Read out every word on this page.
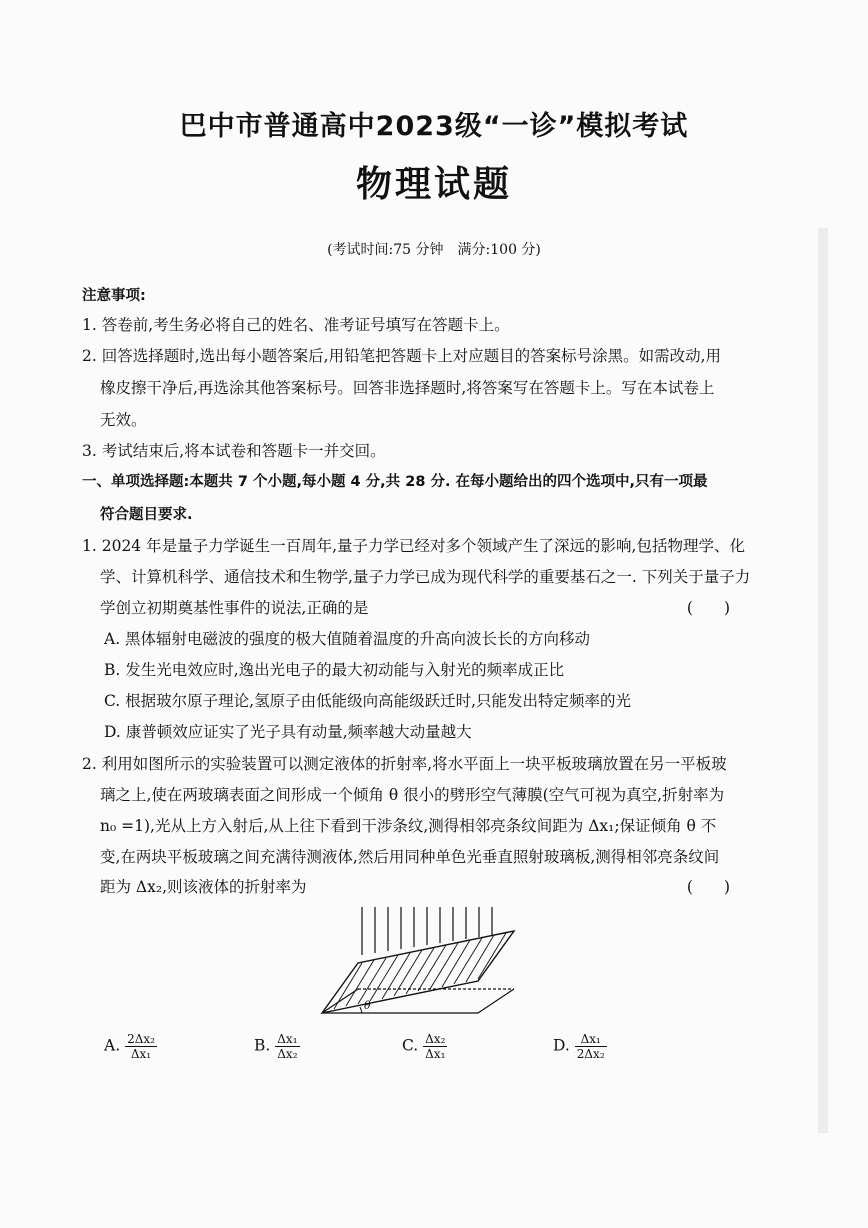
巴中市普通高中2023级“一诊”模拟考试
物理试题
(考试时间:75 分钟　满分:100 分)
注意事项:
1. 答卷前,考生务必将自己的姓名、准考证号填写在答题卡上。
2. 回答选择题时,选出每小题答案后,用铅笔把答题卡上对应题目的答案标号涂黑。如需改动,用
橡皮擦干净后,再选涂其他答案标号。回答非选择题时,将答案写在答题卡上。写在本试卷上
无效。
3. 考试结束后,将本试卷和答题卡一并交回。
一、单项选择题:本题共 7 个小题,每小题 4 分,共 28 分. 在每小题给出的四个选项中,只有一项最
符合题目要求.
1. 2024 年是量子力学诞生一百周年,量子力学已经对多个领域产生了深远的影响,包括物理学、化
学、计算机科学、通信技术和生物学,量子力学已成为现代科学的重要基石之一. 下列关于量子力
学创立初期奠基性事件的说法,正确的是	(　　)
A. 黑体辐射电磁波的强度的极大值随着温度的升高向波长长的方向移动
B. 发生光电效应时,逸出光电子的最大初动能与入射光的频率成正比
C. 根据玻尔原子理论,氢原子由低能级向高能级跃迁时,只能发出特定频率的光
D. 康普顿效应证实了光子具有动量,频率越大动量越大
2. 利用如图所示的实验装置可以测定液体的折射率,将水平面上一块平板玻璃放置在另一平板玻
璃之上,使在两玻璃表面之间形成一个倾角 θ 很小的劈形空气薄膜(空气可视为真空,折射率为
n₀ =1),光从上方入射后,从上往下看到干涉条纹,测得相邻亮条纹间距为 Δx₁;保证倾角 θ 不
变,在两块平板玻璃之间充满待测液体,然后用同种单色光垂直照射玻璃板,测得相邻亮条纹间
距为 Δx₂,则该液体的折射率为	(　　)
θ
A. $\frac{\text{2Δx₂}}{\text{Δx₁}}$	B. $\frac{\text{Δx₁}}{\text{Δx₂}}$	C. $\frac{\text{Δx₂}}{\text{Δx₁}}$	D. $\frac{\text{Δx₁}}{\text{2Δx₂}}$
